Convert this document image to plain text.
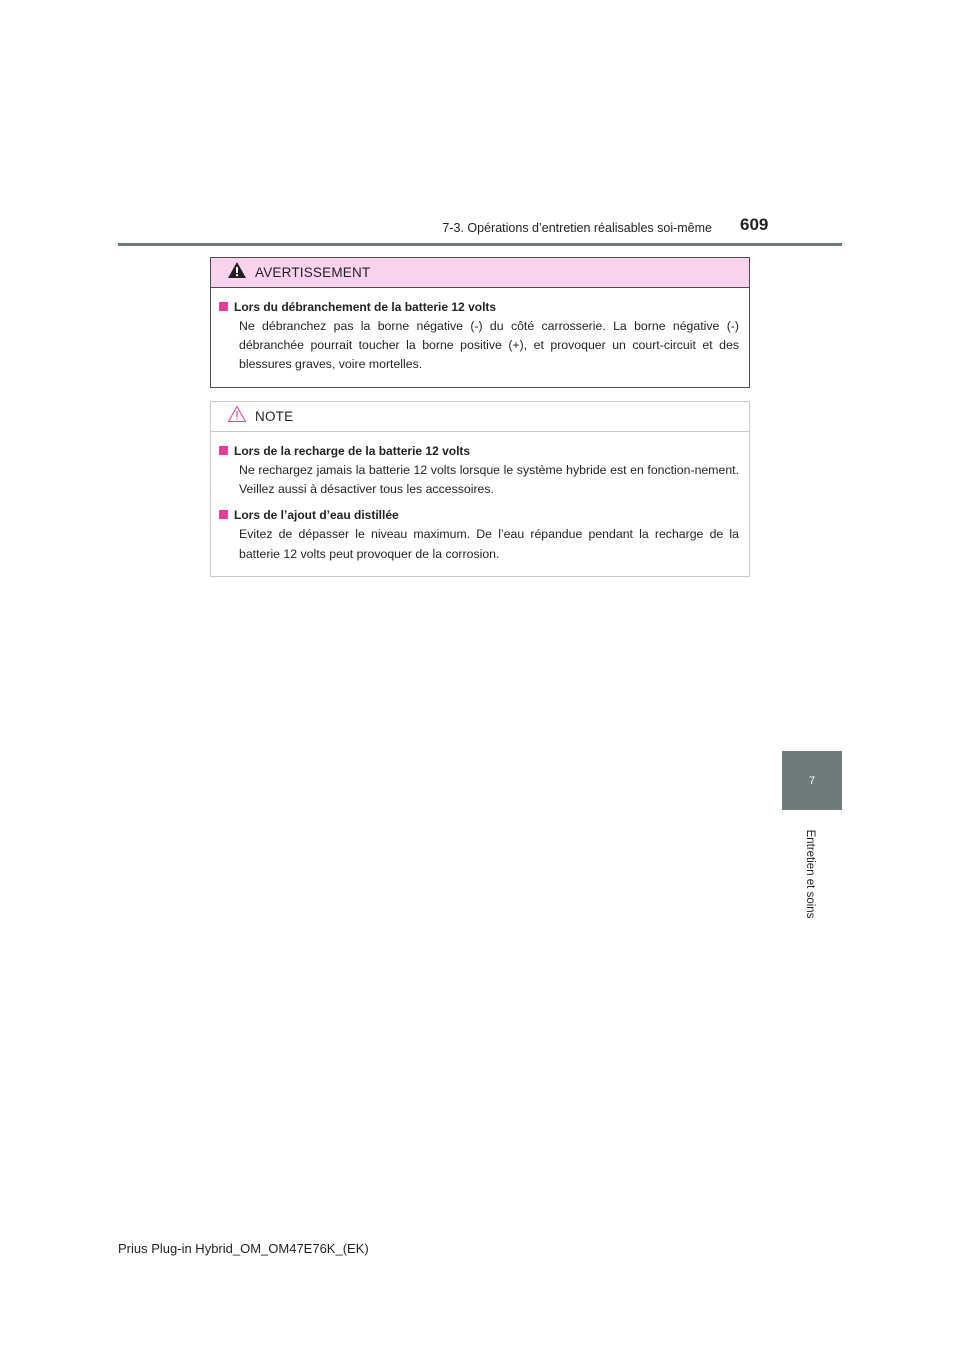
7-3. Opérations d’entretien réalisables soi-même 609
7
Entretien et soins
AVERTISSEMENT
Lors du débranchement de la batterie 12 volts
Ne débranchez pas la borne négative (-) du côté carrosserie. La borne négative (-) débranchée pourrait toucher la borne positive (+), et provoquer un court-circuit et des blessures graves, voire mortelles.
NOTE
Lors de la recharge de la batterie 12 volts
Ne rechargez jamais la batterie 12 volts lorsque le système hybride est en fonction-nement. Veillez aussi à désactiver tous les accessoires.
Lors de l’ajout d’eau distillée
Evitez de dépasser le niveau maximum. De l’eau répandue pendant la recharge de la batterie 12 volts peut provoquer de la corrosion.
Prius Plug-in Hybrid_OM_OM47E76K_(EK)
